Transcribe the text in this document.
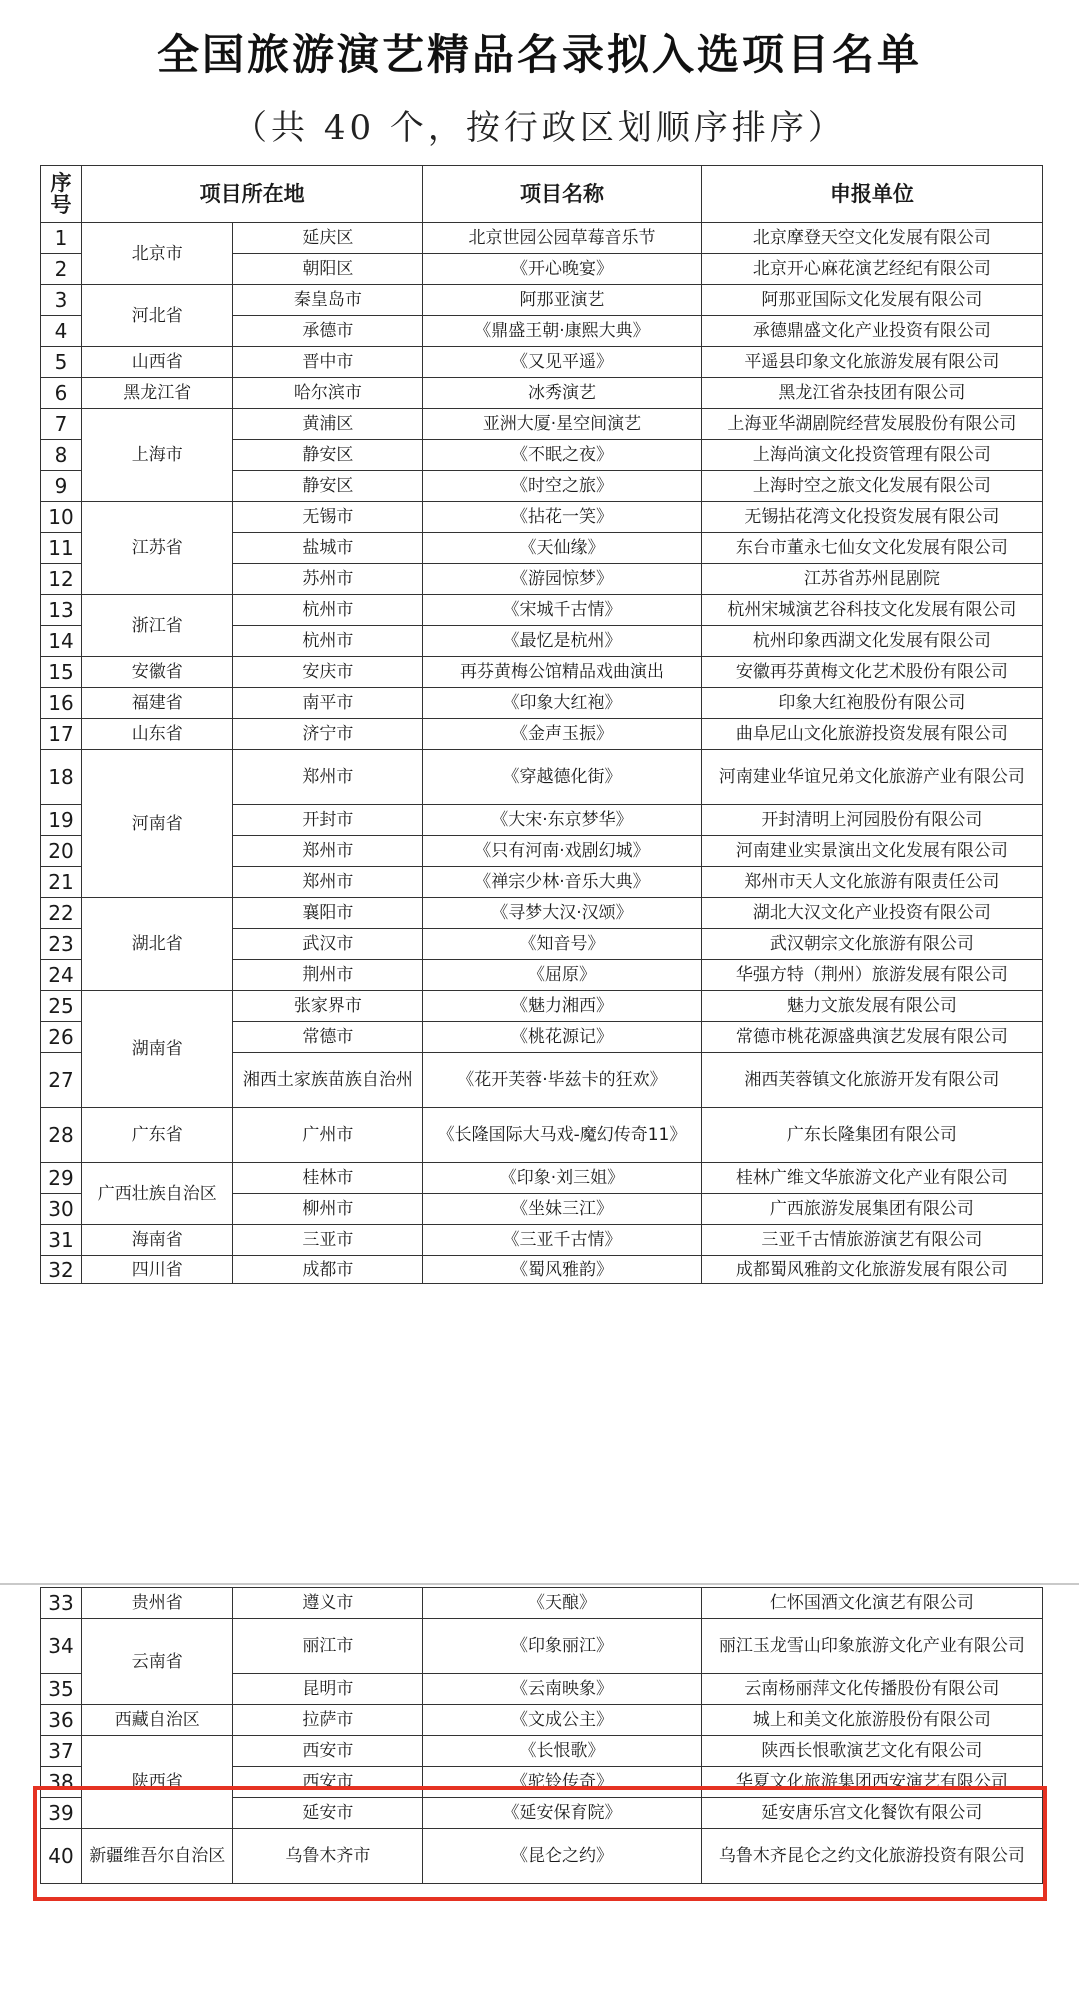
全国旅游演艺精品名录拟入选项目名单
（共 40 个，按行政区划顺序排序）
序号	项目所在地		项目名称	申报单位
1	北京市	延庆区	北京世园公园草莓音乐节	北京摩登天空文化发展有限公司
2		朝阳区	《开心晚宴》	北京开心麻花演艺经纪有限公司
3	河北省	秦皇岛市	阿那亚演艺	阿那亚国际文化发展有限公司
4		承德市	《鼎盛王朝·康熙大典》	承德鼎盛文化产业投资有限公司
5	山西省	晋中市	《又见平遥》	平遥县印象文化旅游发展有限公司
6	黑龙江省	哈尔滨市	冰秀演艺	黑龙江省杂技团有限公司
7	上海市	黄浦区	亚洲大厦·星空间演艺	上海亚华湖剧院经营发展股份有限公司
8		静安区	《不眠之夜》	上海尚演文化投资管理有限公司
9		静安区	《时空之旅》	上海时空之旅文化发展有限公司
10	江苏省	无锡市	《拈花一笑》	无锡拈花湾文化投资发展有限公司
11		盐城市	《天仙缘》	东台市董永七仙女文化发展有限公司
12		苏州市	《游园惊梦》	江苏省苏州昆剧院
13	浙江省	杭州市	《宋城千古情》	杭州宋城演艺谷科技文化发展有限公司
14		杭州市	《最忆是杭州》	杭州印象西湖文化发展有限公司
15	安徽省	安庆市	再芬黄梅公馆精品戏曲演出	安徽再芬黄梅文化艺术股份有限公司
16	福建省	南平市	《印象大红袍》	印象大红袍股份有限公司
17	山东省	济宁市	《金声玉振》	曲阜尼山文化旅游投资发展有限公司
18	河南省	郑州市	《穿越德化街》	河南建业华谊兄弟文化旅游产业有限公司
19		开封市	《大宋·东京梦华》	开封清明上河园股份有限公司
20		郑州市	《只有河南·戏剧幻城》	河南建业实景演出文化发展有限公司
21		郑州市	《禅宗少林·音乐大典》	郑州市天人文化旅游有限责任公司
22	湖北省	襄阳市	《寻梦大汉·汉颂》	湖北大汉文化产业投资有限公司
23		武汉市	《知音号》	武汉朝宗文化旅游有限公司
24		荆州市	《屈原》	华强方特（荆州）旅游发展有限公司
25	湖南省	张家界市	《魅力湘西》	魅力文旅发展有限公司
26		常德市	《桃花源记》	常德市桃花源盛典演艺发展有限公司
27		湘西土家族苗族自治州	《花开芙蓉·毕兹卡的狂欢》	湘西芙蓉镇文化旅游开发有限公司
28	广东省	广州市	《长隆国际大马戏-魔幻传奇11》	广东长隆集团有限公司
29	广西壮族自治区	桂林市	《印象·刘三姐》	桂林广维文华旅游文化产业有限公司
30		柳州市	《坐妹三江》	广西旅游发展集团有限公司
31	海南省	三亚市	《三亚千古情》	三亚千古情旅游演艺有限公司
32	四川省	成都市	《蜀风雅韵》	成都蜀风雅韵文化旅游发展有限公司
33	贵州省	遵义市	《天酿》	仁怀国酒文化演艺有限公司
34	云南省	丽江市	《印象丽江》	丽江玉龙雪山印象旅游文化产业有限公司
35		昆明市	《云南映象》	云南杨丽萍文化传播股份有限公司
36	西藏自治区	拉萨市	《文成公主》	城上和美文化旅游股份有限公司
37	陕西省	西安市	《长恨歌》	陕西长恨歌演艺文化有限公司
38		西安市	《驼铃传奇》	华夏文化旅游集团西安演艺有限公司
39		延安市	《延安保育院》	延安唐乐宫文化餐饮有限公司
40	新疆维吾尔自治区	乌鲁木齐市	《昆仑之约》	乌鲁木齐昆仑之约文化旅游投资有限公司
